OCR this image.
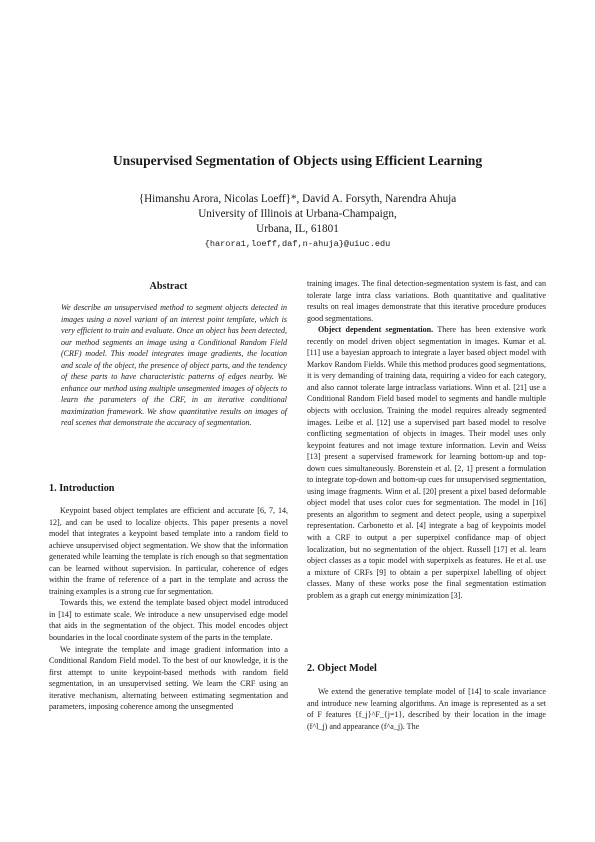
Unsupervised Segmentation of Objects using Efficient Learning
{Himanshu Arora, Nicolas Loeff}*, David A. Forsyth, Narendra Ahuja
University of Illinois at Urbana-Champaign,
Urbana, IL, 61801
{harora1,loeff,daf,n-ahuja}@uiuc.edu
Abstract
We describe an unsupervised method to segment objects detected in images using a novel variant of an interest point template, which is very efficient to train and evaluate. Once an object has been detected, our method segments an image using a Conditional Random Field (CRF) model. This model integrates image gradients, the location and scale of the object, the presence of object parts, and the tendency of these parts to have characteristic patterns of edges nearby. We enhance our method using multiple unsegmented images of objects to learn the parameters of the CRF, in an iterative conditional maximization framework. We show quantitative results on images of real scenes that demonstrate the accuracy of segmentation.
1. Introduction

Keypoint based object templates are efficient and accurate [6, 7, 14, 12], and can be used to localize objects. This paper presents a novel model that integrates a keypoint based template into a random field to achieve unsupervised object segmentation. We show that the information generated while learning the template is rich enough so that segmentation can be learned without supervision. In particular, coherence of edges within the frame of reference of a part in the template and across the training examples is a strong cue for segmentation.

Towards this, we extend the template based object model introduced in [14] to estimate scale. We introduce a new unsupervised edge model that aids in the segmentation of the object. This model encodes object boundaries in the local coordinate system of the parts in the template.

We integrate the template and image gradient information into a Conditional Random Field model. To the best of our knowledge, it is the first attempt to unite keypoint-based methods with random field segmentation, in an unsupervised setting. We learn the CRF using an iterative mechanism, alternating between estimating segmentation and parameters, imposing coherence among the unsegmented

training images. The final detection-segmentation system is fast, and can tolerate large intra class variations. Both quantitative and qualitative results on real images demonstrate that this iterative procedure produces good segmentations.

Object dependent segmentation. There has been extensive work recently on model driven object segmentation in images. Kumar et al. [11] use a bayesian approach to integrate a layer based object model with Markov Random Fields. While this method produces good segmentations, it is very demanding of training data, requiring a video for each category, and also cannot tolerate large intraclass variations. Winn et al. [21] use a Conditional Random Field based model to segments and handle multiple objects with occlusion. Training the model requires already segmented images. Leibe et al. [12] use a supervised part based model to resolve conflicting segmentation of objects in images. Their model uses only keypoint features and not image texture information. Levin and Weiss [13] present a supervised framework for learning bottom-up and top-down cues simultaneously. Borenstein et al. [2, 1] present a formulation to integrate top-down and bottom-up cues for unsupervised segmentation, using image fragments. Winn et al. [20] present a pixel based deformable object model that uses color cues for segmentation. The model in [16] presents an algorithm to segment and detect people, using a superpixel representation. Carbonetto et al. [4] integrate a bag of keypoints model with a CRF to output a per superpixel confidance map of object localization, but no segmentation of the object. Russell [17] et al. learn object classes as a topic model with superpixels as features. He et al. use a mixture of CRFs [9] to obtain a per superpixel labelling of object classes. Many of these works pose the final segmentation estimation problem as a graph cut energy minimization [3].

2. Object Model

We extend the generative template model of [14] to scale invariance and introduce new learning algorithms. An image is represented as a set of F features {f_j}^F_{j=1}, described by their location in the image (f^l_j) and appearance (f^a_j). The
